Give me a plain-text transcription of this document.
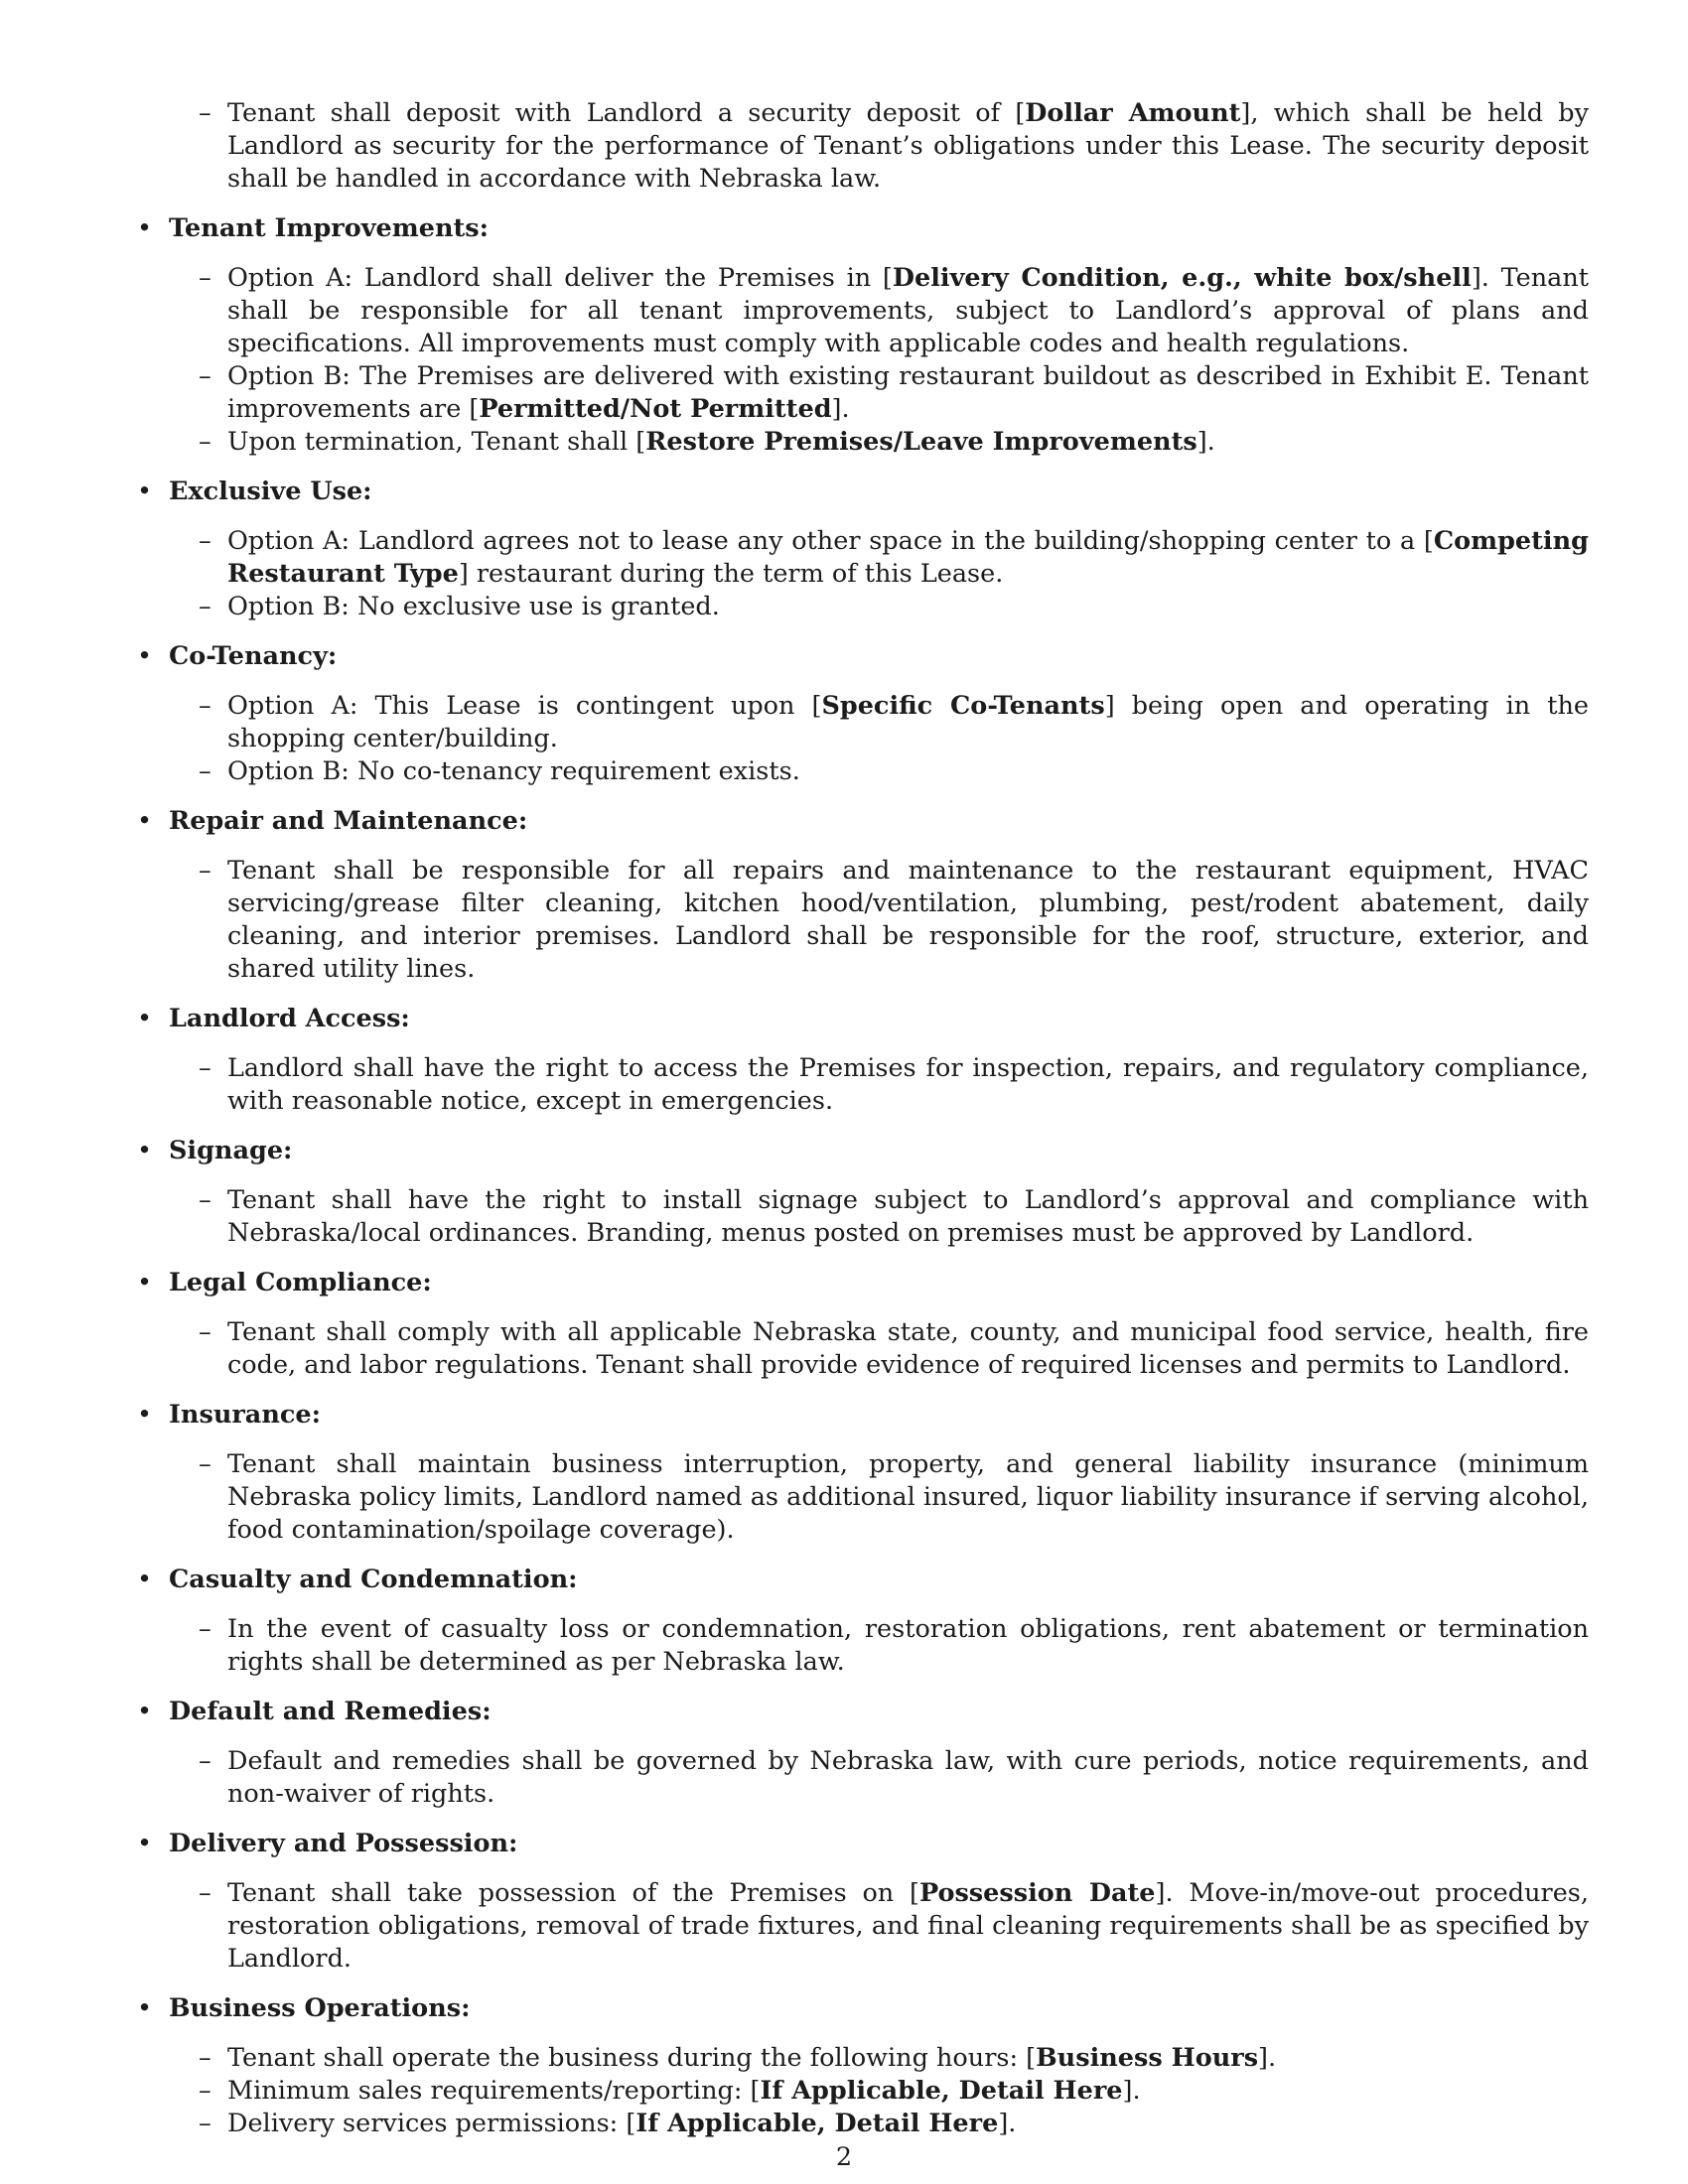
– Tenant shall deposit with Landlord a security deposit of [Dollar Amount], which shall be held by Landlord as security for the performance of Tenant’s obligations under this Lease. The security deposit shall be handled in accordance with Nebraska law.
• Tenant Improvements:
– Option A: Landlord shall deliver the Premises in [Delivery Condition, e.g., white box/shell]. Tenant shall be responsible for all tenant improvements, subject to Landlord’s approval of plans and specifications. All improvements must comply with applicable codes and health regulations.
– Option B: The Premises are delivered with existing restaurant buildout as described in Exhibit E. Tenant improvements are [Permitted/Not Permitted].
– Upon termination, Tenant shall [Restore Premises/Leave Improvements].
• Exclusive Use:
– Option A: Landlord agrees not to lease any other space in the building/shopping center to a [Competing Restaurant Type] restaurant during the term of this Lease.
– Option B: No exclusive use is granted.
• Co-Tenancy:
– Option A: This Lease is contingent upon [Specific Co-Tenants] being open and operating in the shopping center/building.
– Option B: No co-tenancy requirement exists.
• Repair and Maintenance:
– Tenant shall be responsible for all repairs and maintenance to the restaurant equipment, HVAC servicing/grease filter cleaning, kitchen hood/ventilation, plumbing, pest/rodent abatement, daily cleaning, and interior premises. Landlord shall be responsible for the roof, structure, exterior, and shared utility lines.
• Landlord Access:
– Landlord shall have the right to access the Premises for inspection, repairs, and regulatory compliance, with reasonable notice, except in emergencies.
• Signage:
– Tenant shall have the right to install signage subject to Landlord’s approval and compliance with Nebraska/local ordinances. Branding, menus posted on premises must be approved by Landlord.
• Legal Compliance:
– Tenant shall comply with all applicable Nebraska state, county, and municipal food service, health, fire code, and labor regulations. Tenant shall provide evidence of required licenses and permits to Landlord.
• Insurance:
– Tenant shall maintain business interruption, property, and general liability insurance (minimum Nebraska policy limits, Landlord named as additional insured, liquor liability insurance if serving alcohol, food contamination/spoilage coverage).
• Casualty and Condemnation:
– In the event of casualty loss or condemnation, restoration obligations, rent abatement or termination rights shall be determined as per Nebraska law.
• Default and Remedies:
– Default and remedies shall be governed by Nebraska law, with cure periods, notice requirements, and non-waiver of rights.
• Delivery and Possession:
– Tenant shall take possession of the Premises on [Possession Date]. Move-in/move-out procedures, restoration obligations, removal of trade fixtures, and final cleaning requirements shall be as specified by Landlord.
• Business Operations:
– Tenant shall operate the business during the following hours: [Business Hours].
– Minimum sales requirements/reporting: [If Applicable, Detail Here].
– Delivery services permissions: [If Applicable, Detail Here].
2
